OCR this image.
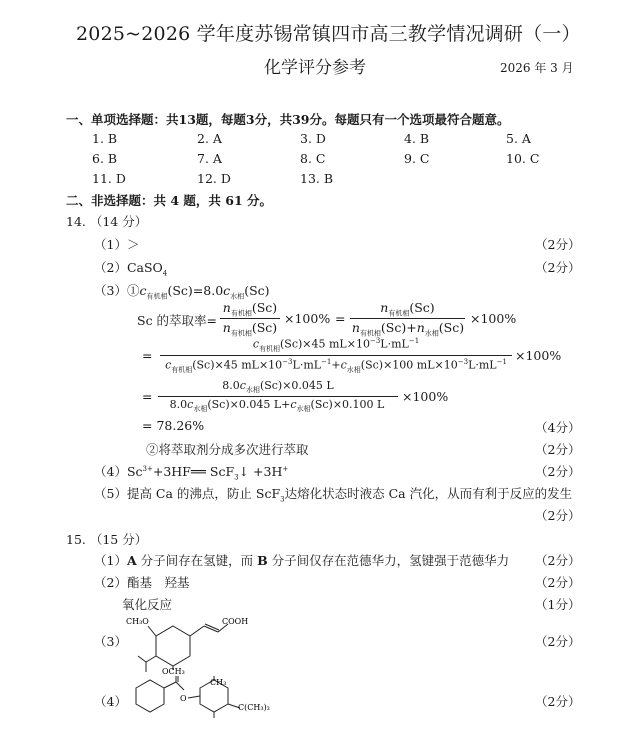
2025~2026 学年度苏锡常镇四市高三教学情况调研（一）
化学评分参考	2026 年 3 月
一、单项选择题：共13题，每题3分，共39分。每题只有一个选项最符合题意。
1. B	2. A	3. D	4. B	5. A
6. B	7. A	8. C	9. C	10. C
11. D	12. D	13. B
二、非选择题：共 4 题，共 61 分。
14. （14 分）
（1）＞	（2分）
（2）CaSO$_4$	（2分）
$(3)①c_{有机相}(Sc)=8.0c_{水相}(Sc)$
Sc 的萃取率=
$n_{有机相}(Sc)$
$n_{有机相}(Sc)$
×100% =
$n_{有机相}(Sc)$
$n_{有机相}(Sc)+n_{水相}(Sc)$
×100%
=
$c_{有机相}(Sc)\times 45$ $mL\times 10^{-3}L\cdot mL^{-1}$
$c_{有机相}(Sc)\times 45$ $mL\times 10^{-3}L\cdot mL^{-1}+c_{水相}(Sc)\times 100$ $mL\times 10^{-3}L\cdot mL^{-1} \times 100\%$
=
$8.0c_{水相}(Sc)\times 0.045$ L
$8.0c_{水相}(Sc)\times 0.045$ $L+c_{水相}(Sc)\times 0.100$ L
×100%
= 78.26%	（4分）
②将萃取剂分成多次进行萃取	（2分）
$(4)Sc^{3+}+3HF══$ ScF$_3$↓ +3H+	（2分）
（5）提高 Ca 的沸点，防止 ScF$_3$达熔化状态时液态 Ca 汽化，从而有利于反应的发生
（2分）
15. （15 分）
（1）A 分子间存在氢键，而 B 分子间仅存在范德华力，氢键强于范德华力 （2分）
（2）酯基　羟基	（2分）
氧化反应	（1分）
（3）
CH₃O	COOH
OCH₃
（2分）
（4）	O
CH₃
C(CH₃)₃	（2分）
